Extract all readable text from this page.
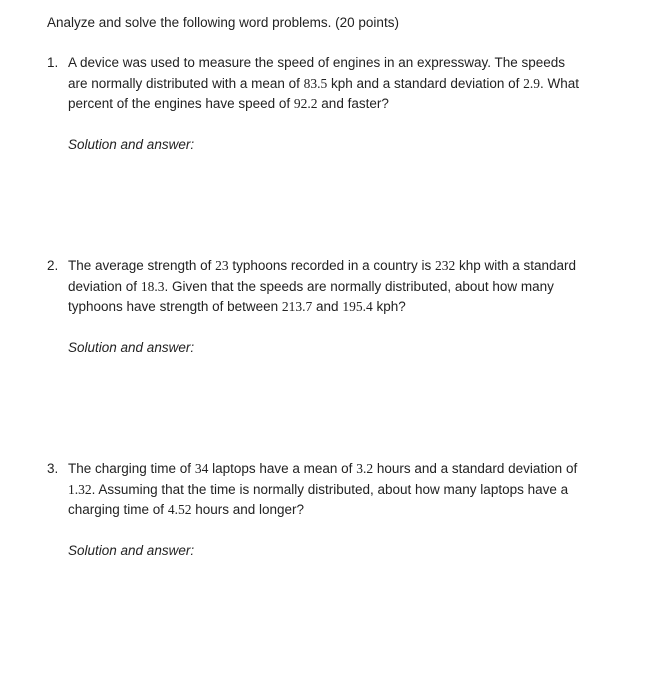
Analyze and solve the following word problems. (20 points)
1. A device was used to measure the speed of engines in an expressway. The speeds are normally distributed with a mean of 83.5 kph and a standard deviation of 2.9. What percent of the engines have speed of 92.2 and faster?
Solution and answer:
2. The average strength of 23 typhoons recorded in a country is 232 khp with a standard deviation of 18.3. Given that the speeds are normally distributed, about how many typhoons have strength of between 213.7 and 195.4 kph?
Solution and answer:
3. The charging time of 34 laptops have a mean of 3.2 hours and a standard deviation of 1.32. Assuming that the time is normally distributed, about how many laptops have a charging time of 4.52 hours and longer?
Solution and answer:
